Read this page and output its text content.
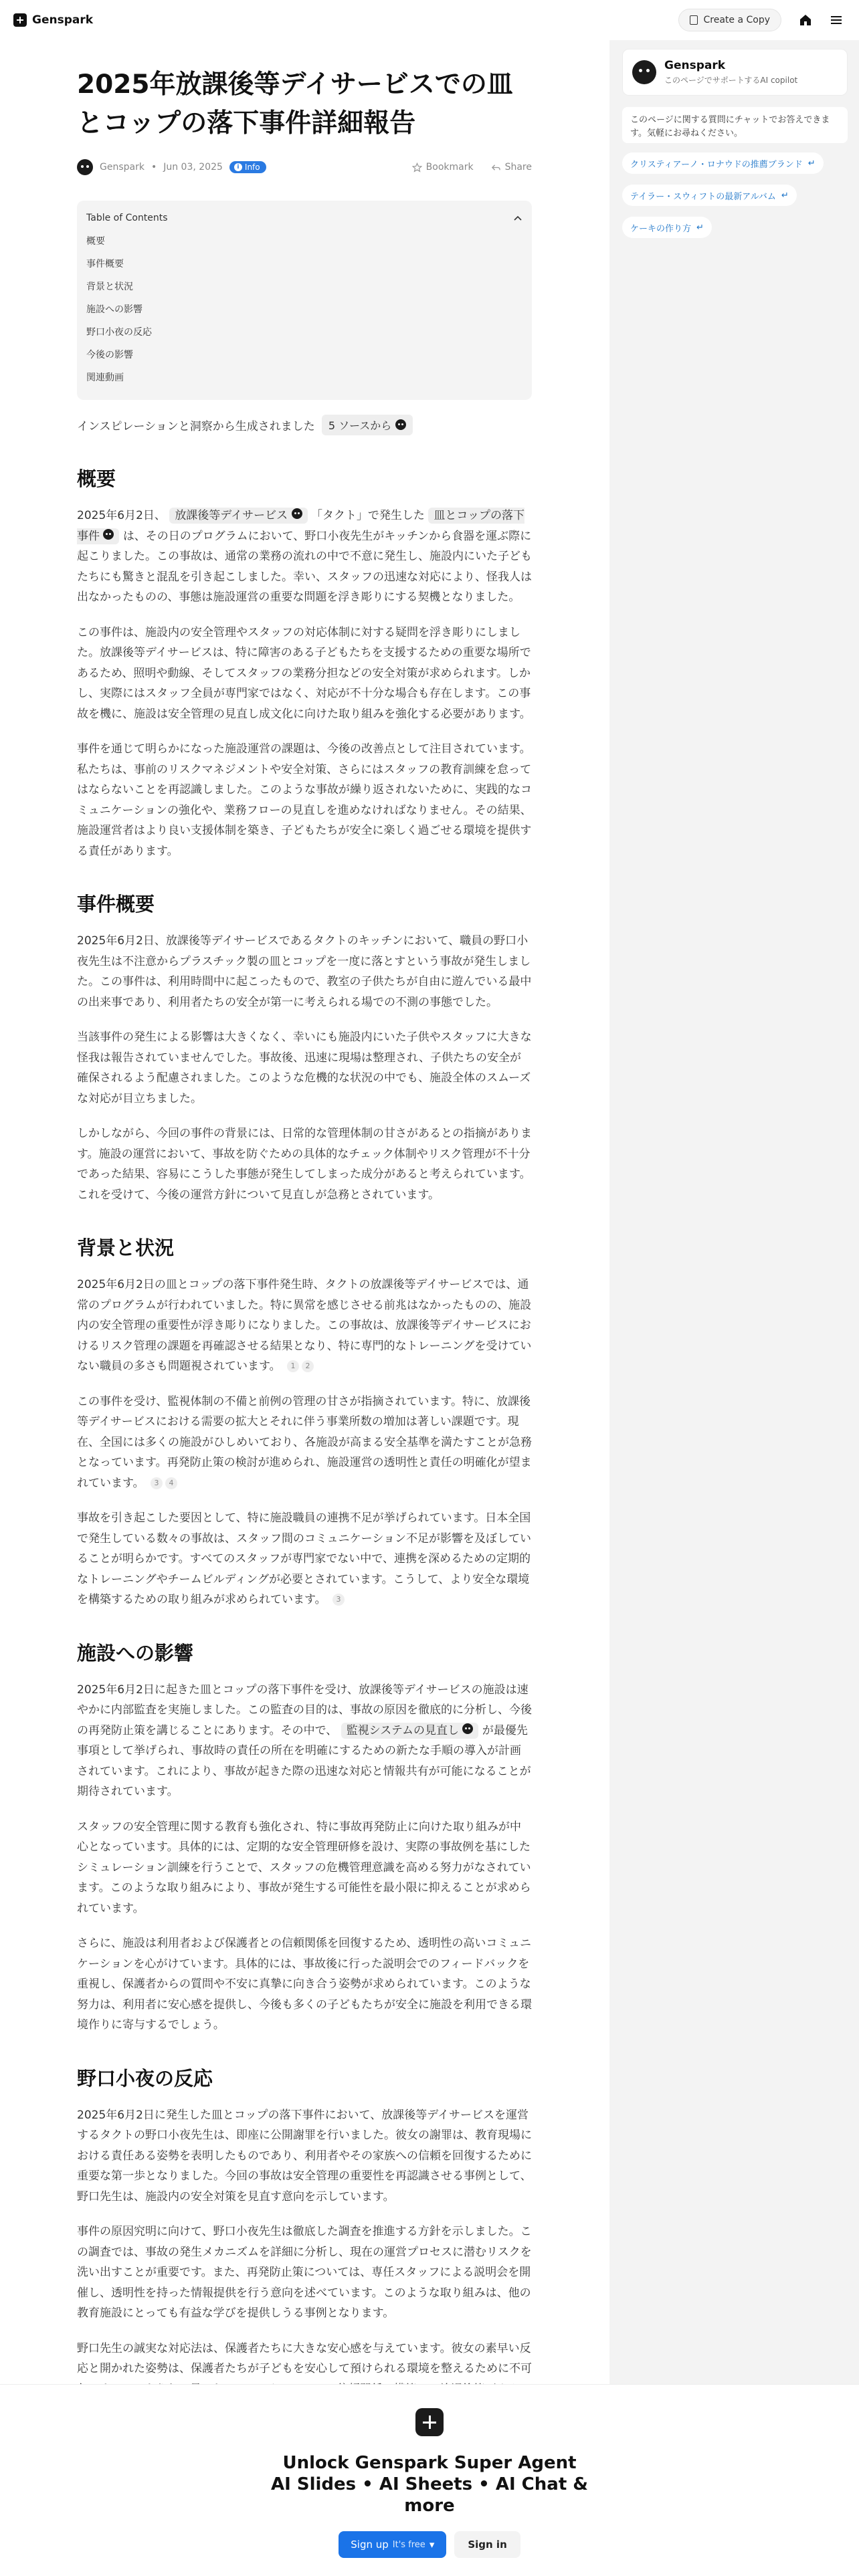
Genspark	Create a Copy
2025年放課後等デイサービスでの皿とコップの落下事件詳細報告
Genspark • Jun 03, 2025	i Info	Bookmark	Share
Table of Contents
概要
事件概要
背景と状況
施設への影響
野口小夜の反応
今後の影響
関連動画
インスピレーションと洞察から生成されました 5 ソースから
概要

2025年6月2日、 放課後等デイサービス 「タクト」で発生した 皿とコップの落下事件 は、その日のプログラムにおいて、野口小夜先生がキッチンから食器を運ぶ際に起こりました。この事故は、通常の業務の流れの中で不意に発生し、施設内にいた子どもたちにも驚きと混乱を引き起こしました。幸い、スタッフの迅速な対応により、怪我人は出なかったものの、事態は施設運営の重要な問題を浮き彫りにする契機となりました。

この事件は、施設内の安全管理やスタッフの対応体制に対する疑問を浮き彫りにしました。放課後等デイサービスは、特に障害のある子どもたちを支援するための重要な場所であるため、照明や動線、そしてスタッフの業務分担などの安全対策が求められます。しかし、実際にはスタッフ全員が専門家ではなく、対応が不十分な場合も存在します。この事故を機に、施設は安全管理の見直し成文化に向けた取り組みを強化する必要があります。

事件を通じて明らかになった施設運営の課題は、今後の改善点として注目されています。私たちは、事前のリスクマネジメントや安全対策、さらにはスタッフの教育訓練を怠ってはならないことを再認識しました。このような事故が繰り返されないために、実践的なコミュニケーションの強化や、業務フローの見直しを進めなければなりません。その結果、施設運営者はより良い支援体制を築き、子どもたちが安全に楽しく過ごせる環境を提供する責任があります。

事件概要

2025年6月2日、放課後等デイサービスであるタクトのキッチンにおいて、職員の野口小夜先生は不注意からプラスチック製の皿とコップを一度に落とすという事故が発生しました。この事件は、利用時間中に起こったもので、教室の子供たちが自由に遊んでいる最中の出来事であり、利用者たちの安全が第一に考えられる場での不測の事態でした。

当該事件の発生による影響は大きくなく、幸いにも施設内にいた子供やスタッフに大きな怪我は報告されていませんでした。事故後、迅速に現場は整理され、子供たちの安全が確保されるよう配慮されました。このような危機的な状況の中でも、施設全体のスムーズな対応が目立ちました。

しかしながら、今回の事件の背景には、日常的な管理体制の甘さがあるとの指摘があります。施設の運営において、事故を防ぐための具体的なチェック体制やリスク管理が不十分であった結果、容易にこうした事態が発生してしまった成分があると考えられています。これを受けて、今後の運営方針について見直しが急務とされています。

背景と状況

2025年6月2日の皿とコップの落下事件発生時、タクトの放課後等デイサービスでは、通常のプログラムが行われていました。特に異常を感じさせる前兆はなかったものの、施設内の安全管理の重要性が浮き彫りになりました。この事故は、放課後等デイサービスにおけるリスク管理の課題を再確認させる結果となり、特に専門的なトレーニングを受けていない職員の多さも問題視されています。 1 2

この事件を受け、監視体制の不備と前例の管理の甘さが指摘されています。特に、放課後等デイサービスにおける需要の拡大とそれに伴う事業所数の増加は著しい課題です。現在、全国には多くの施設がひしめいており、各施設が高まる安全基準を満たすことが急務となっています。再発防止策の検討が進められ、施設運営の透明性と責任の明確化が望まれています。 3 4

事故を引き起こした要因として、特に施設職員の連携不足が挙げられています。日本全国で発生している数々の事故は、スタッフ間のコミュニケーション不足が影響を及ぼしていることが明らかです。すべてのスタッフが専門家でない中で、連携を深めるための定期的なトレーニングやチームビルディングが必要とされています。こうして、より安全な環境を構築するための取り組みが求められています。 3

施設への影響

2025年6月2日に起きた皿とコップの落下事件を受け、放課後等デイサービスの施設は速やかに内部監査を実施しました。この監査の目的は、事故の原因を徹底的に分析し、今後の再発防止策を講じることにあります。その中で、 監視システムの見直し が最優先事項として挙げられ、事故時の責任の所在を明確にするための新たな手順の導入が計画されています。これにより、事故が起きた際の迅速な対応と情報共有が可能になることが期待されています。

スタッフの安全管理に関する教育も強化され、特に事故再発防止に向けた取り組みが中心となっています。具体的には、定期的な安全管理研修を設け、実際の事故例を基にしたシミュレーション訓練を行うことで、スタッフの危機管理意識を高める努力がなされています。このような取り組みにより、事故が発生する可能性を最小限に抑えることが求められています。

さらに、施設は利用者および保護者との信頼関係を回復するため、透明性の高いコミュニケーションを心がけています。具体的には、事故後に行った説明会でのフィードバックを重視し、保護者からの質問や不安に真摯に向き合う姿勢が求められています。このような努力は、利用者に安心感を提供し、今後も多くの子どもたちが安全に施設を利用できる環境作りに寄与するでしょう。

野口小夜の反応

2025年6月2日に発生した皿とコップの落下事件において、放課後等デイサービスを運営するタクトの野口小夜先生は、即座に公開謝罪を行いました。彼女の謝罪は、教育現場における責任ある姿勢を表明したものであり、利用者やその家族への信頼を回復するために重要な第一歩となりました。今回の事故は安全管理の重要性を再認識させる事例として、野口先生は、施設内の安全対策を見直す意向を示しています。

事件の原因究明に向けて、野口小夜先生は徹底した調査を推進する方針を示しました。この調査では、事故の発生メカニズムを詳細に分析し、現在の運営プロセスに潜むリスクを洗い出すことが重要です。また、再発防止策については、専任スタッフによる説明会を開催し、透明性を持った情報提供を行う意向を述べています。このような取り組みは、他の教育施設にとっても有益な学びを提供しうる事例となります。

野口先生の誠実な対応法は、保護者たちに大きな安心感を与えています。彼女の素早い反応と開かれた姿勢は、保護者たちが子どもを安心して預けられる環境を整えるために不可

Genspark
このページでサポートするAI copilot
このページに関する質問にチャットでお答えできます。気軽にお尋ねください。
クリスティアーノ・ロナウドの推薦ブランド ↵
テイラー・スウィフトの最新アルバム ↵
ケーキの作り方 ↵
Unlock Genspark Super Agent
AI Slides • AI Sheets • AI Chat &
more
Sign up It's free ▾	Sign in
